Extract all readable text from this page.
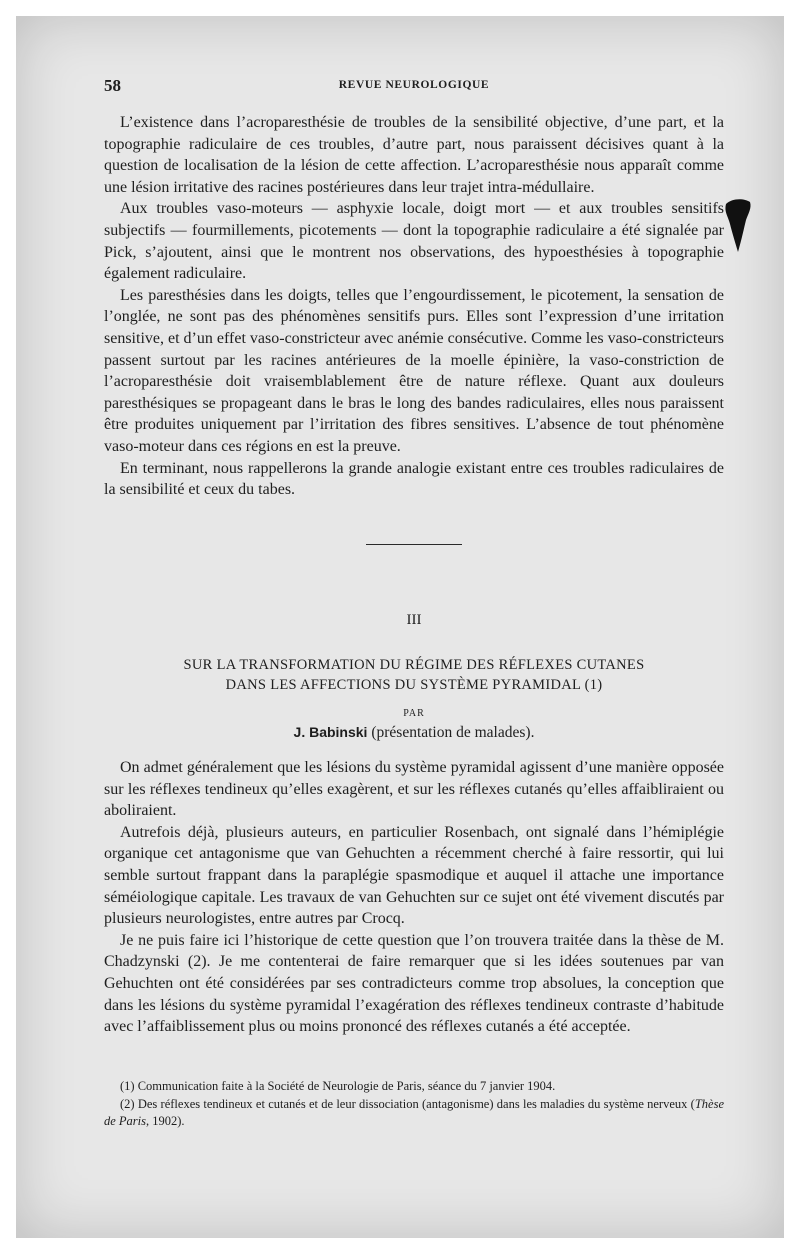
58	REVUE NEUROLOGIQUE

L’existence dans l’acroparesthésie de troubles de la sensibilité objective, d’une part, et la topographie radiculaire de ces troubles, d’autre part, nous paraissent décisives quant à la question de localisation de la lésion de cette affection. L’acroparesthésie nous apparaît comme une lésion irritative des racines postérieures dans leur trajet intra-médullaire.

Aux troubles vaso-moteurs — asphyxie locale, doigt mort — et aux troubles sensitifs subjectifs — fourmillements, picotements — dont la topographie radiculaire a été signalée par Pick, s’ajoutent, ainsi que le montrent nos observations, des hypoesthésies à topographie également radiculaire.

Les paresthésies dans les doigts, telles que l’engourdissement, le picotement, la sensation de l’onglée, ne sont pas des phénomènes sensitifs purs. Elles sont l’expression d’une irritation sensitive, et d’un effet vaso-constricteur avec anémie consécutive. Comme les vaso-constricteurs passent surtout par les racines antérieures de la moelle épinière, la vaso-constriction de l’acroparesthésie doit vraisemblablement être de nature réflexe. Quant aux douleurs paresthésiques se propageant dans le bras le long des bandes radiculaires, elles nous paraissent être produites uniquement par l’irritation des fibres sensitives. L’absence de tout phénomène vaso-moteur dans ces régions en est la preuve.

En terminant, nous rappellerons la grande analogie existant entre ces troubles radiculaires de la sensibilité et ceux du tabes.

III
SUR LA TRANSFORMATION DU RÉGIME DES RÉFLEXES CUTANES
DANS LES AFFECTIONS DU SYSTÈME PYRAMIDAL (1)
PAR
J. Babinski (présentation de malades).

On admet généralement que les lésions du système pyramidal agissent d’une manière opposée sur les réflexes tendineux qu’elles exagèrent, et sur les réflexes cutanés qu’elles affaibliraient ou aboliraient.

Autrefois déjà, plusieurs auteurs, en particulier Rosenbach, ont signalé dans l’hémiplégie organique cet antagonisme que van Gehuchten a récemment cherché à faire ressortir, qui lui semble surtout frappant dans la paraplégie spasmodique et auquel il attache une importance séméiologique capitale. Les travaux de van Gehuchten sur ce sujet ont été vivement discutés par plusieurs neurologistes, entre autres par Crocq.

Je ne puis faire ici l’historique de cette question que l’on trouvera traitée dans la thèse de M. Chadzynski (2). Je me contenterai de faire remarquer que si les idées soutenues par van Gehuchten ont été considérées par ses contradicteurs comme trop absolues, la conception que dans les lésions du système pyramidal l’exagération des réflexes tendineux contraste d’habitude avec l’affaiblissement plus ou moins prononcé des réflexes cutanés a été acceptée.

(1) Communication faite à la Société de Neurologie de Paris, séance du 7 janvier 1904.

(2) Des réflexes tendineux et cutanés et de leur dissociation (antagonisme) dans les maladies du système nerveux (Thèse de Paris, 1902).
